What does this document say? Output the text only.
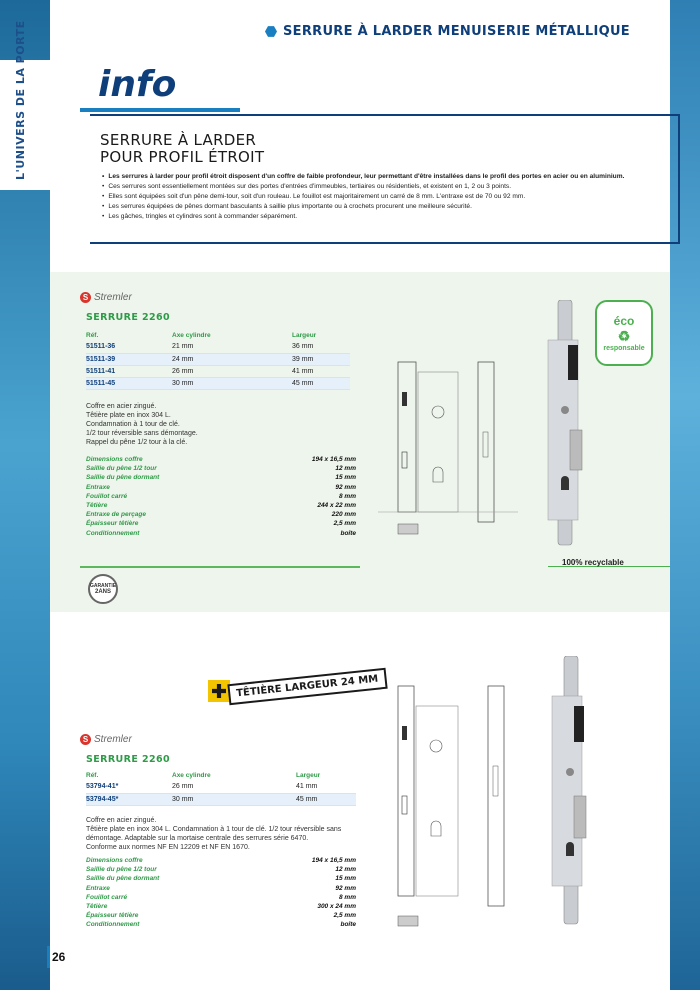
L'UNIVERS DE LA PORTE	SERRURE À LARDER MENUISERIE MÉTALLIQUE
info
SERRURE À LARDER
POUR PROFIL ÉTROIT
• Les serrures à larder pour profil étroit disposent d'un coffre de faible profondeur, leur permettant d'être installées dans le profil des portes en acier ou en aluminium.
• Ces serrures sont essentiellement montées sur des portes d'entrées d'immeubles, tertiaires ou résidentiels, et existent en 1, 2 ou 3 points.
• Elles sont équipées soit d'un pêne demi-tour, soit d'un rouleau. Le fouillot est majoritairement un carré de 8 mm. L'entraxe est de 70 ou 92 mm.
• Les serrures équipées de pênes dormant basculants à saillie plus importante ou à crochets procurent une meilleure sécurité.
• Les gâches, tringles et cylindres sont à commander séparément.
S Stremler
SERRURE 2260
Réf.	Axe cylindre	Largeur
51511-36	21 mm	36 mm
51511-39	24 mm	39 mm
51511-41	26 mm	41 mm
51511-45	30 mm	45 mm
Coffre en acier zingué.
Têtière plate en inox 304 L.
Condamnation à 1 tour de clé.
1/2 tour réversible sans démontage.
Rappel du pêne 1/2 tour à la clé.
Dimensions coffre	194 x 16,5 mm
Saillie du pêne 1/2 tour	12 mm
Saillie du pêne dormant	15 mm
Entraxe	92 mm
Fouillot carré	8 mm
Têtière	244 x 22 mm
Entraxe de perçage	220 mm
Épaisseur têtière	2,5 mm
Conditionnement	boîte
GARANTIE
2ANS
éco
♻
responsable
100% recyclable
TÊTIÈRE LARGEUR 24 MM
S Stremler
SERRURE 2260
Réf.	Axe cylindre	Largeur
53794-41*	26 mm	41 mm
53794-45*	30 mm	45 mm
Coffre en acier zingué.
Têtière plate en inox 304 L. Condamnation à 1 tour de clé. 1/2 tour réversible sans
démontage. Adaptable sur la mortaise centrale des serrures série 6470.
Conforme aux normes NF EN 12209 et NF EN 1670.
Dimensions coffre	194 x 16,5 mm
Saillie du pêne 1/2 tour	12 mm
Saillie du pêne dormant	15 mm
Entraxe	92 mm
Fouillot carré	8 mm
Têtière	300 x 24 mm
Épaisseur têtière	2,5 mm
Conditionnement	boîte
26
